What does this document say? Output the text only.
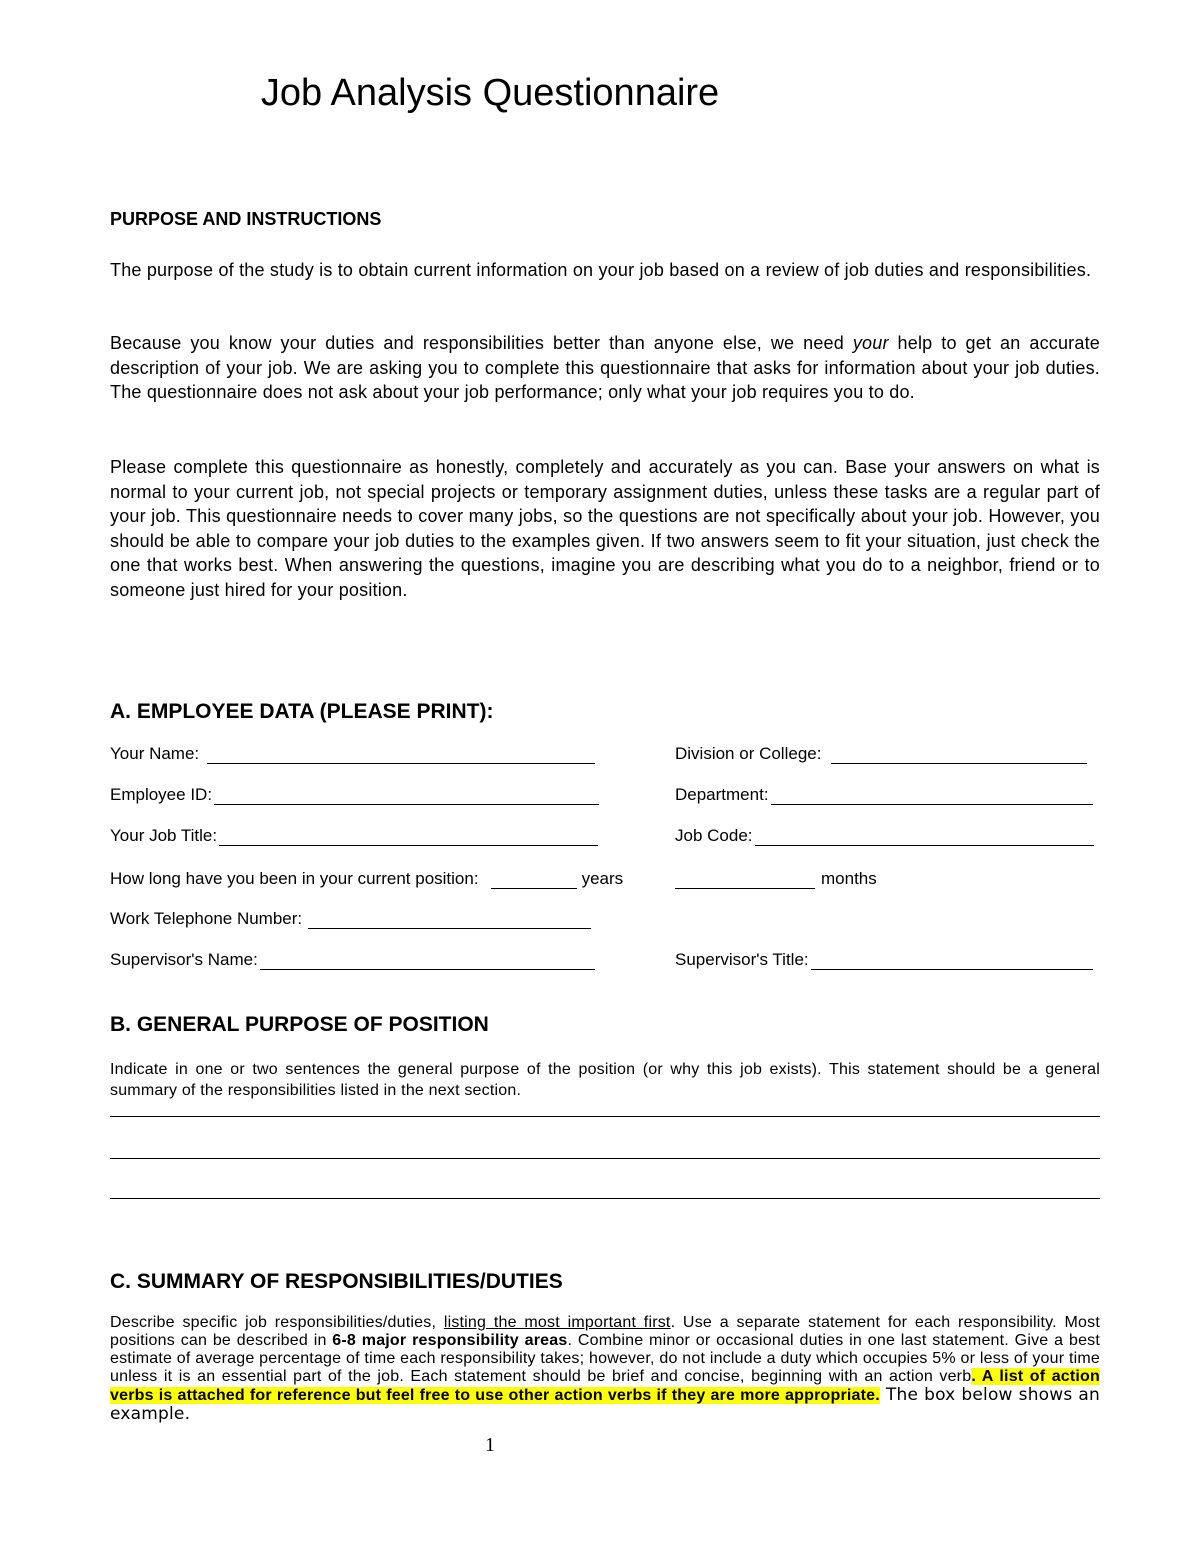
Job Analysis Questionnaire
PURPOSE AND INSTRUCTIONS
The purpose of the study is to obtain current information on your job based on a review of job duties and responsibilities.
Because you know your duties and responsibilities better than anyone else, we need your help to get an accurate description of your job. We are asking you to complete this questionnaire that asks for information about your job duties. The questionnaire does not ask about your job performance; only what your job requires you to do.
Please complete this questionnaire as honestly, completely and accurately as you can. Base your answers on what is normal to your current job, not special projects or temporary assignment duties, unless these tasks are a regular part of your job. This questionnaire needs to cover many jobs, so the questions are not specifically about your job. However, you should be able to compare your job duties to the examples given. If two answers seem to fit your situation, just check the one that works best. When answering the questions, imagine you are describing what you do to a neighbor, friend or to someone just hired for your position.
A. EMPLOYEE DATA (PLEASE PRINT):
Your Name:	Division or College:
Employee ID:	Department:
Your Job Title:	Job Code:
How long have you been in your current position:	years	months
Work Telephone Number:
Supervisor's Name:	Supervisor's Title:
B. GENERAL PURPOSE OF POSITION
Indicate in one or two sentences the general purpose of the position (or why this job exists). This statement should be a general summary of the responsibilities listed in the next section.
C. SUMMARY OF RESPONSIBILITIES/DUTIES
Describe specific job responsibilities/duties, listing the most important first. Use a separate statement for each responsibility. Most positions can be described in 6-8 major responsibility areas. Combine minor or occasional duties in one last statement. Give a best estimate of average percentage of time each responsibility takes; however, do not include a duty which occupies 5% or less of your time unless it is an essential part of the job. Each statement should be brief and concise, beginning with an action verb. A list of action verbs is attached for reference but feel free to use other action verbs if they are more appropriate. The box below shows an example.
1
